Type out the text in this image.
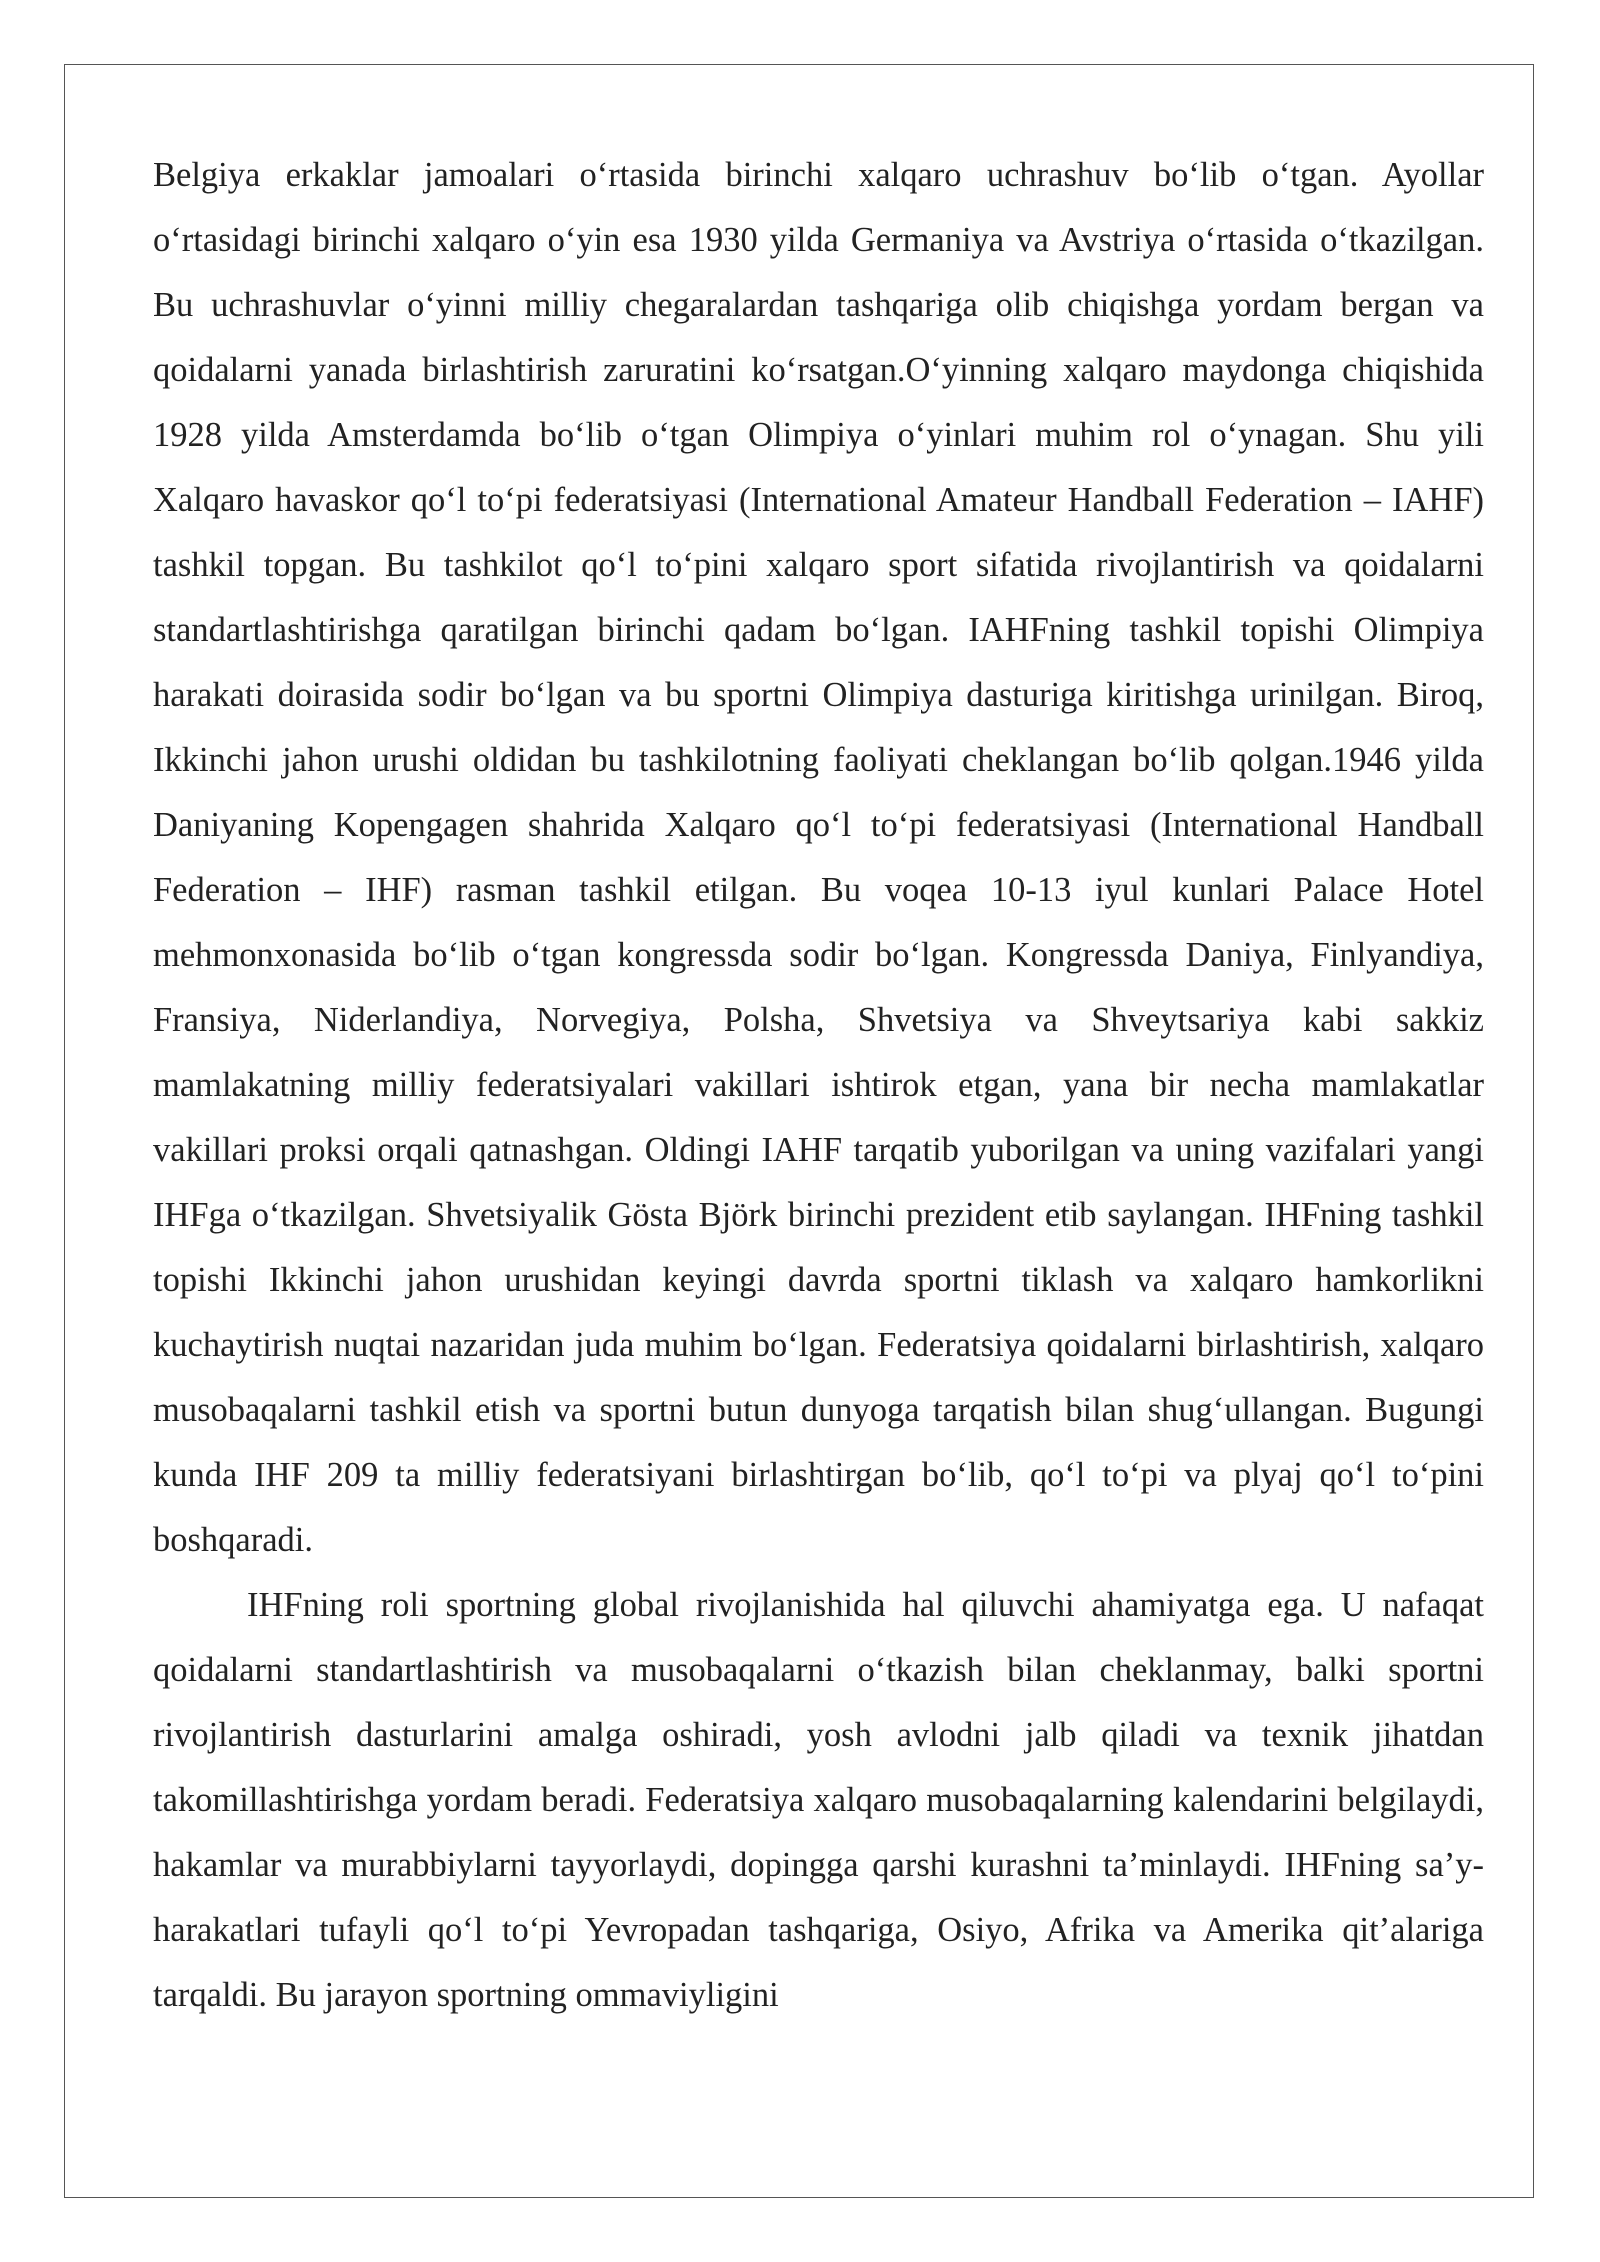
Belgiya erkaklar jamoalari o‘rtasida birinchi xalqaro uchrashuv bo‘lib o‘tgan. Ayollar o‘rtasidagi birinchi xalqaro o‘yin esa 1930 yilda Germaniya va Avstriya o‘rtasida o‘tkazilgan. Bu uchrashuvlar o‘yinni milliy chegaralardan tashqariga olib chiqishga yordam bergan va qoidalarni yanada birlashtirish zaruratini ko‘rsatgan.O‘yinning xalqaro maydonga chiqishida 1928 yilda Amsterdamda bo‘lib o‘tgan Olimpiya o‘yinlari muhim rol o‘ynagan. Shu yili Xalqaro havaskor qo‘l to‘pi federatsiyasi (International Amateur Handball Federation – IAHF) tashkil topgan. Bu tashkilot qo‘l to‘pini xalqaro sport sifatida rivojlantirish va qoidalarni standartlashtirishga qaratilgan birinchi qadam bo‘lgan. IAHFning tashkil topishi Olimpiya harakati doirasida sodir bo‘lgan va bu sportni Olimpiya dasturiga kiritishga urinilgan. Biroq, Ikkinchi jahon urushi oldidan bu tashkilotning faoliyati cheklangan bo‘lib qolgan.1946 yilda Daniyaning Kopengagen shahrida Xalqaro qo‘l to‘pi federatsiyasi (International Handball Federation – IHF) rasman tashkil etilgan. Bu voqea 10-13 iyul kunlari Palace Hotel mehmonxonasida bo‘lib o‘tgan kongressda sodir bo‘lgan. Kongressda Daniya, Finlyandiya, Fransiya, Niderlandiya, Norvegiya, Polsha, Shvetsiya va Shveytsariya kabi sakkiz mamlakatning milliy federatsiyalari vakillari ishtirok etgan, yana bir necha mamlakatlar vakillari proksi orqali qatnashgan. Oldingi IAHF tarqatib yuborilgan va uning vazifalari yangi IHFga o‘tkazilgan. Shvetsiyalik Gösta Björk birinchi prezident etib saylangan. IHFning tashkil topishi Ikkinchi jahon urushidan keyingi davrda sportni tiklash va xalqaro hamkorlikni kuchaytirish nuqtai nazaridan juda muhim bo‘lgan. Federatsiya qoidalarni birlashtirish, xalqaro musobaqalarni tashkil etish va sportni butun dunyoga tarqatish bilan shug‘ullangan. Bugungi kunda IHF 209 ta milliy federatsiyani birlashtirgan bo‘lib, qo‘l to‘pi va plyaj qo‘l to‘pini boshqaradi.

IHFning roli sportning global rivojlanishida hal qiluvchi ahamiyatga ega. U nafaqat qoidalarni standartlashtirish va musobaqalarni o‘tkazish bilan cheklanmay, balki sportni rivojlantirish dasturlarini amalga oshiradi, yosh avlodni jalb qiladi va texnik jihatdan takomillashtirishga yordam beradi. Federatsiya xalqaro musobaqalarning kalendarini belgilaydi, hakamlar va murabbiylarni tayyorlaydi, dopingga qarshi kurashni ta’minlaydi. IHFning sa’y-harakatlari tufayli qo‘l to‘pi Yevropadan tashqariga, Osiyo, Afrika va Amerika qit’alariga tarqaldi. Bu jarayon sportning ommaviyligini
